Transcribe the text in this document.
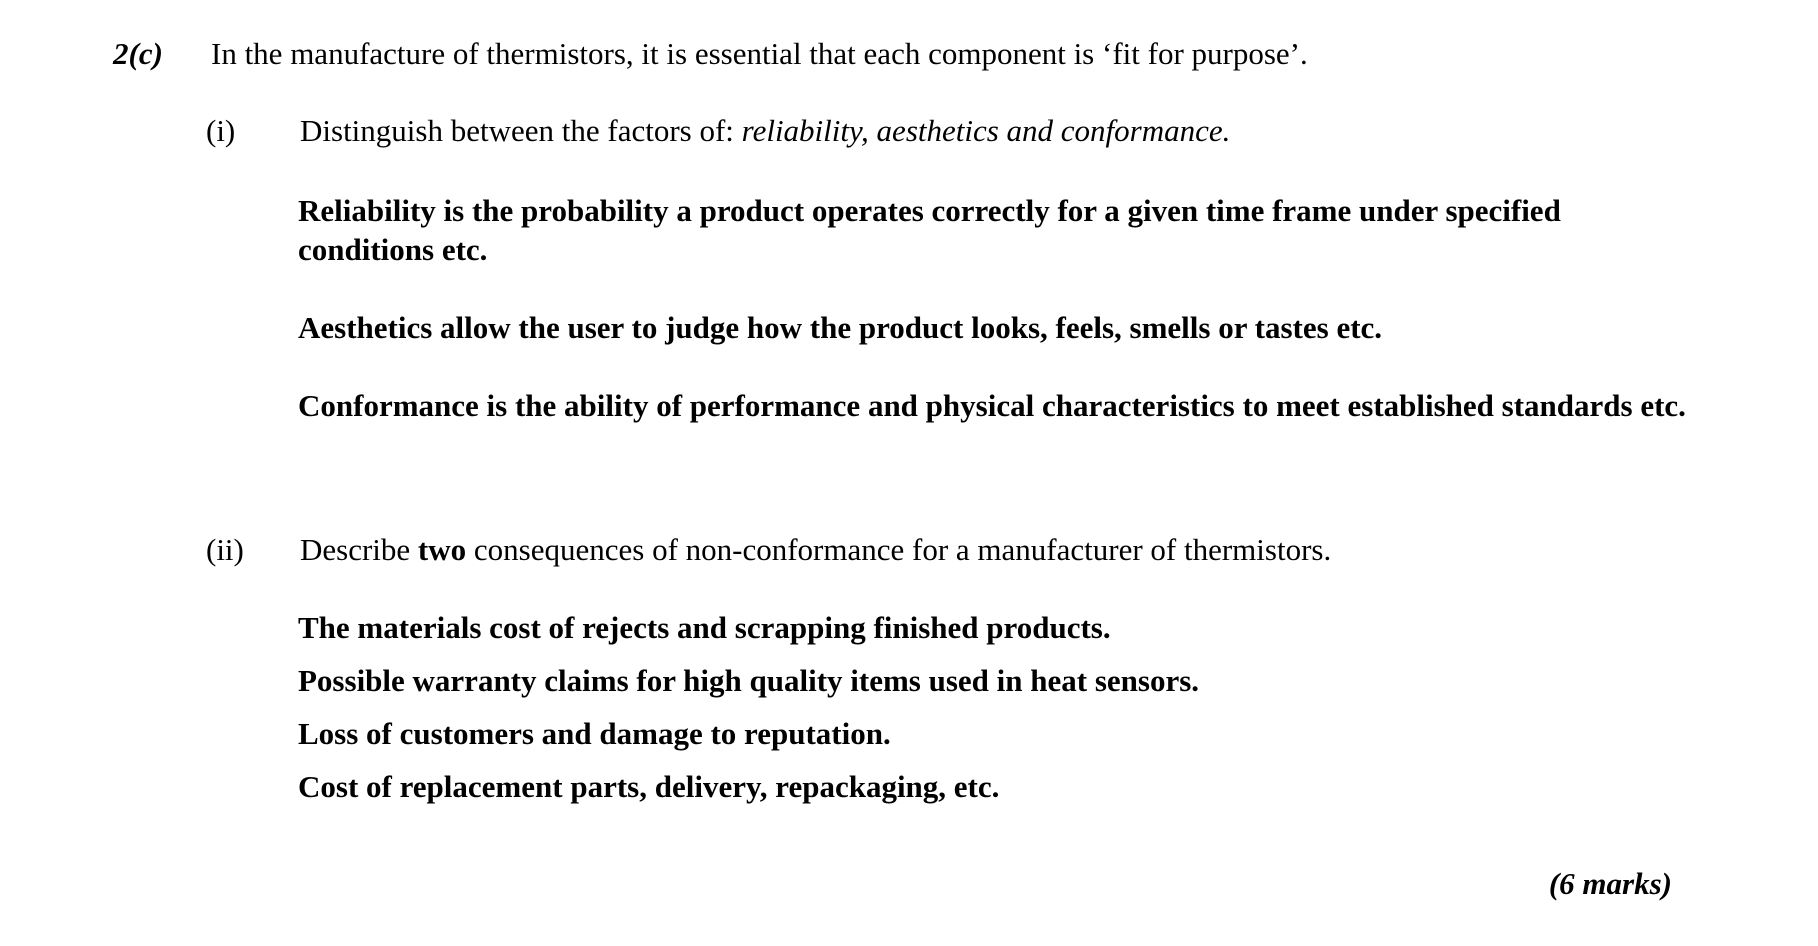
2(c) In the manufacture of thermistors, it is essential that each component is ‘fit for purpose’.
(i) Distinguish between the factors of: reliability, aesthetics and conformance.
Reliability is the probability a product operates correctly for a given time frame under specified conditions etc.
Aesthetics allow the user to judge how the product looks, feels, smells or tastes etc.
Conformance is the ability of performance and physical characteristics to meet established standards etc.
(ii) Describe two consequences of non-conformance for a manufacturer of thermistors.
The materials cost of rejects and scrapping finished products.
Possible warranty claims for high quality items used in heat sensors.
Loss of customers and damage to reputation.
Cost of replacement parts, delivery, repackaging, etc.
(6 marks)
